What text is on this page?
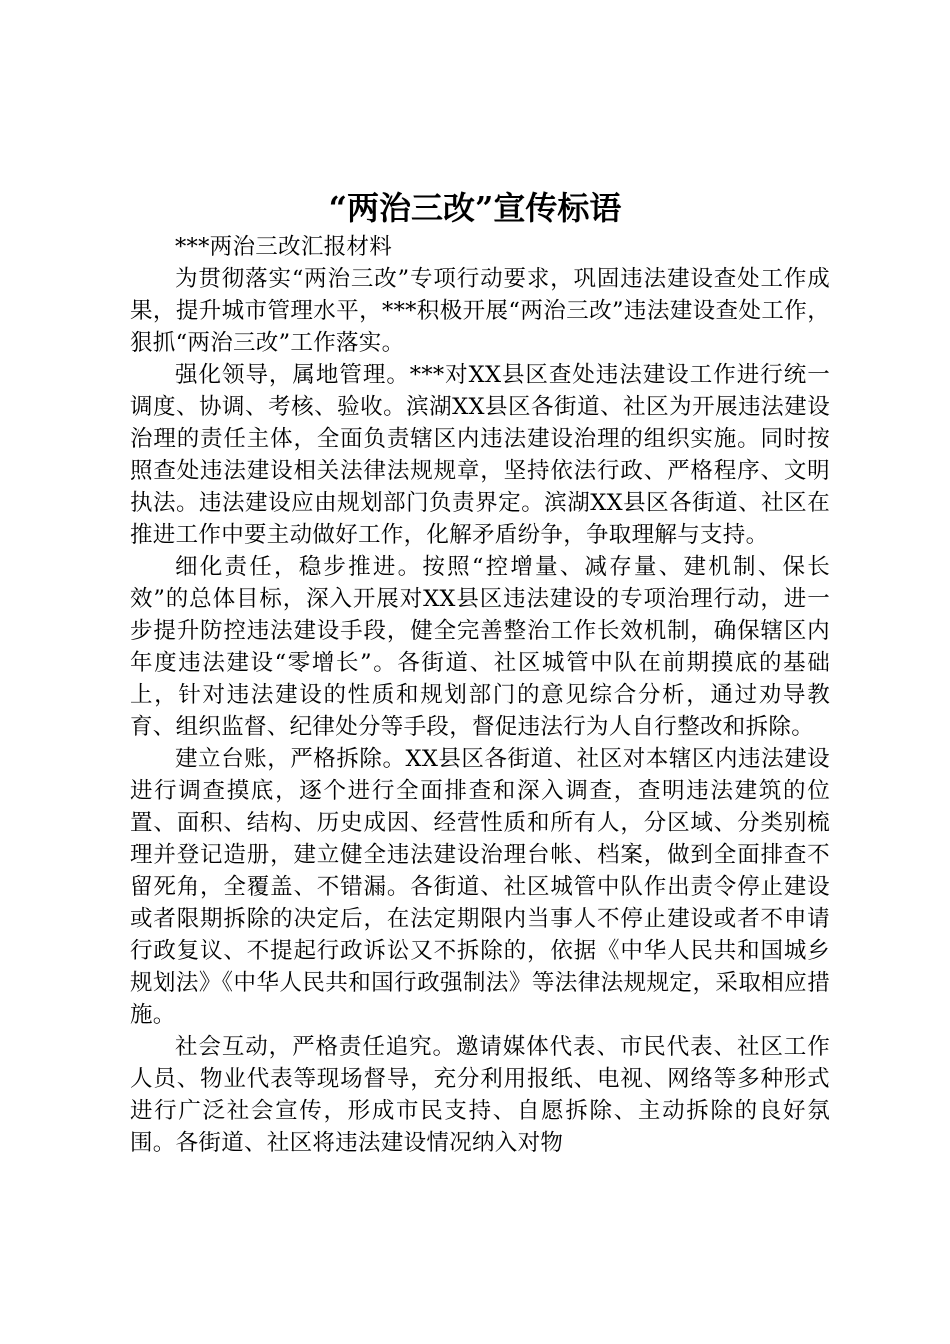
“两治三改”宣传标语

***两治三改汇报材料

为贯彻落实“两治三改”专项行动要求，巩固违法建设查处工作成果，提升城市管理水平，***积极开展“两治三改”违法建设查处工作，狠抓“两治三改”工作落实。

强化领导，属地管理。***对XX县区查处违法建设工作进行统一调度、协调、考核、验收。滨湖XX县区各街道、社区为开展违法建设治理的责任主体，全面负责辖区内违法建设治理的组织实施。同时按照查处违法建设相关法律法规规章，坚持依法行政、严格程序、文明执法。违法建设应由规划部门负责界定。滨湖XX县区各街道、社区在推进工作中要主动做好工作，化解矛盾纷争，争取理解与支持。

细化责任，稳步推进。按照“控增量、减存量、建机制、保长效”的总体目标，深入开展对XX县区违法建设的专项治理行动，进一步提升防控违法建设手段，健全完善整治工作长效机制，确保辖区内年度违法建设“零增长”。各街道、社区城管中队在前期摸底的基础上，针对违法建设的性质和规划部门的意见综合分析，通过劝导教育、组织监督、纪律处分等手段，督促违法行为人自行整改和拆除。

建立台账，严格拆除。XX县区各街道、社区对本辖区内违法建设进行调查摸底，逐个进行全面排查和深入调查，查明违法建筑的位置、面积、结构、历史成因、经营性质和所有人，分区域、分类别梳理并登记造册，建立健全违法建设治理台帐、档案，做到全面排查不留死角，全覆盖、不错漏。各街道、社区城管中队作出责令停止建设或者限期拆除的决定后，在法定期限内当事人不停止建设或者不申请行政复议、不提起行政诉讼又不拆除的，依据《中华人民共和国城乡规划法》《中华人民共和国行政强制法》等法律法规规定，采取相应措施。

社会互动，严格责任追究。邀请媒体代表、市民代表、社区工作人员、物业代表等现场督导，充分利用报纸、电视、网络等多种形式进行广泛社会宣传，形成市民支持、自愿拆除、主动拆除的良好氛围。各街道、社区将违法建设情况纳入对物
